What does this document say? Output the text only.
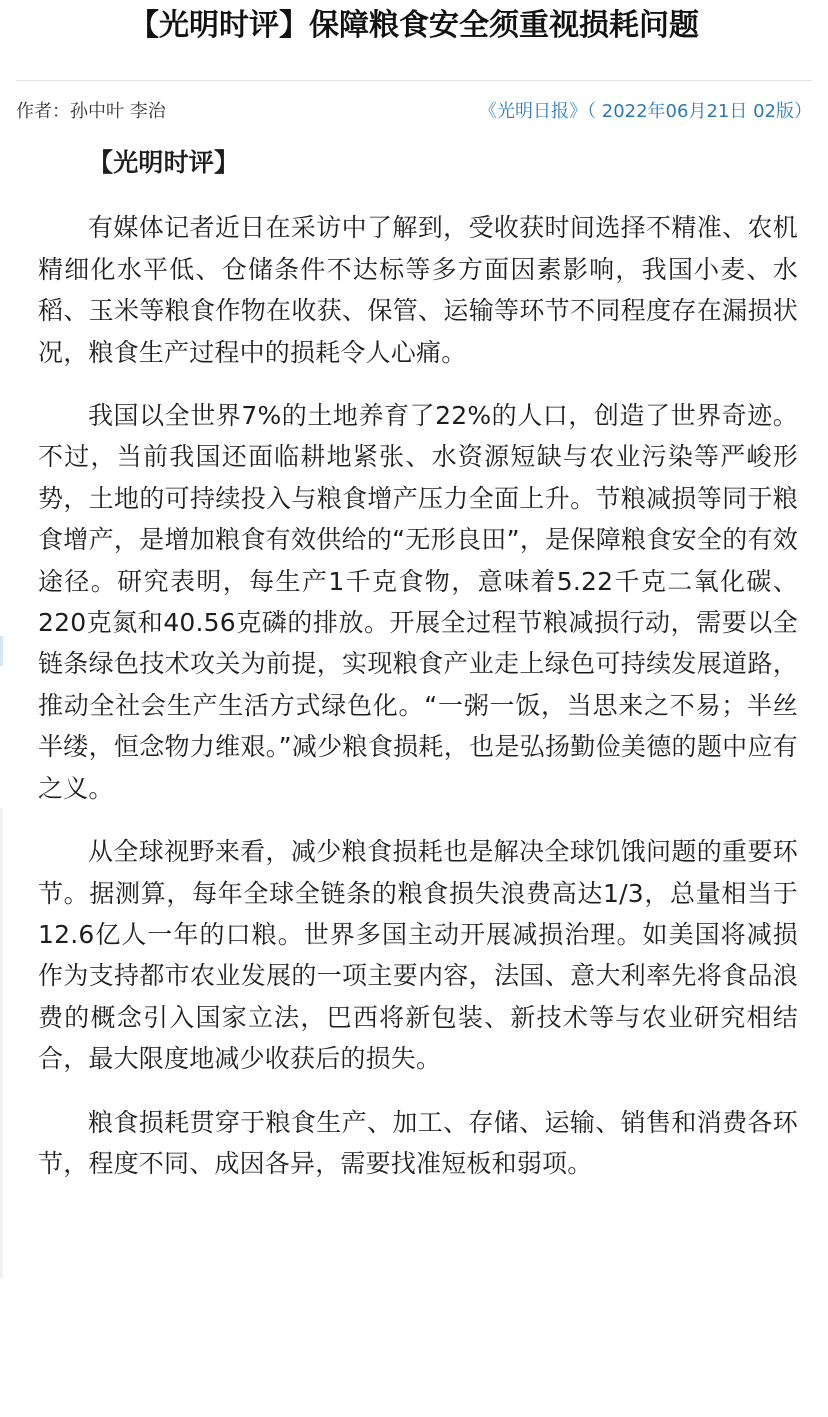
【光明时评】保障粮食安全须重视损耗问题
作者：孙中叶 李治	《光明日报》（ 2022年06月21日 02版）

【光明时评】

有媒体记者近日在采访中了解到，受收获时间选择不精准、农机精细化水平低、仓储条件不达标等多方面因素影响，我国小麦、水稻、玉米等粮食作物在收获、保管、运输等环节不同程度存在漏损状况，粮食生产过程中的损耗令人心痛。

我国以全世界7%的土地养育了22%的人口，创造了世界奇迹。不过，当前我国还面临耕地紧张、水资源短缺与农业污染等严峻形势，土地的可持续投入与粮食增产压力全面上升。节粮减损等同于粮食增产，是增加粮食有效供给的“无形良田”，是保障粮食安全的有效途径。研究表明，每生产1千克食物，意味着5.22千克二氧化碳、220克氮和40.56克磷的排放。开展全过程节粮减损行动，需要以全链条绿色技术攻关为前提，实现粮食产业走上绿色可持续发展道路，推动全社会生产生活方式绿色化。“一粥一饭，当思来之不易；半丝半缕，恒念物力维艰。”减少粮食损耗，也是弘扬勤俭美德的题中应有之义。

从全球视野来看，减少粮食损耗也是解决全球饥饿问题的重要环节。据测算，每年全球全链条的粮食损失浪费高达1/3，总量相当于12.6亿人一年的口粮。世界多国主动开展减损治理。如美国将减损作为支持都市农业发展的一项主要内容，法国、意大利率先将食品浪费的概念引入国家立法，巴西将新包装、新技术等与农业研究相结合，最大限度地减少收获后的损失。

粮食损耗贯穿于粮食生产、加工、存储、运输、销售和消费各环节，程度不同、成因各异，需要找准短板和弱项。
